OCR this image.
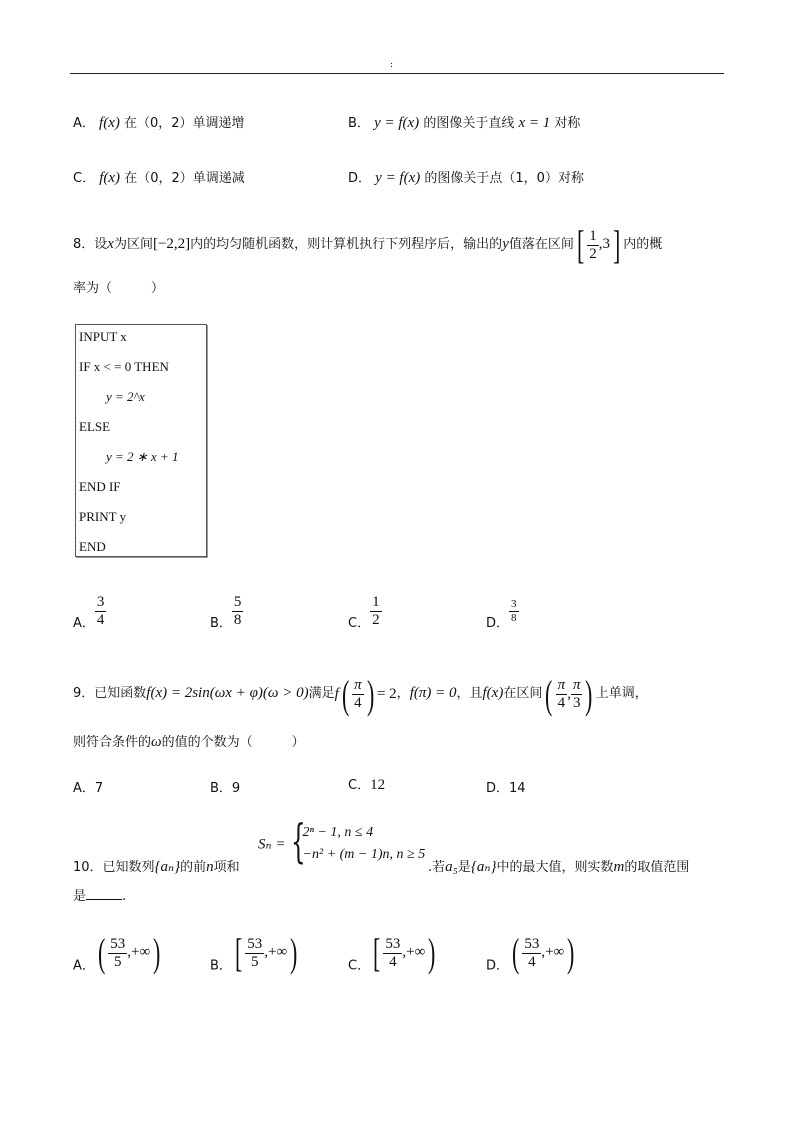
:
A． f(x) 在（0，2）单调递增	B． y = f(x) 的图像关于直线 x = 1 对称
C． f(x) 在（0，2）单调递减	D． y = f(x) 的图像关于点（1，0）对称
8．设x为区间[−2,2]内的均匀随机函数，则计算机执行下列程序后，输出的y值落在区间[ $\frac{1}{2} ,3$] 内的概
率为（　　　）
INPUT x
IF x < = 0 THEN
y = 2^x
ELSE
y = 2 ∗ x + 1
END IF
PRINT y
END
A． $\frac{3}{4}$	B． $\frac{5}{8}$	C． $\frac{1}{2}$	D． $\frac{3}{8}$
9．已知函数f(x) = 2sin(ωx + φ)(ω > 0)满足$f( \frac{\pi}{4}$ ) = 2，f(π) = 0，且f(x)在区间( $\frac{\pi}{4}$ , $\frac{\pi}{3}$ ) 上单调，
则符合条件的ω的值的个数为（　　　）
A．7	B．9	C．12	D．14
10．已知数列{aₙ}的前n项和
Sₙ = {
2ⁿ − 1, n ≤ 4
−n² + (m − 1)n, n ≥ 5
.若a₅是{aₙ}中的最大值，则实数m的取值范围
是	.
A．( $\frac{53}{5}$ ,+∞)	B．[ $\frac{53}{5}$ ,+∞)	C．[ $\frac{53}{4}$ ,+∞)	D．( $\frac{53}{4}$ ,+∞)
